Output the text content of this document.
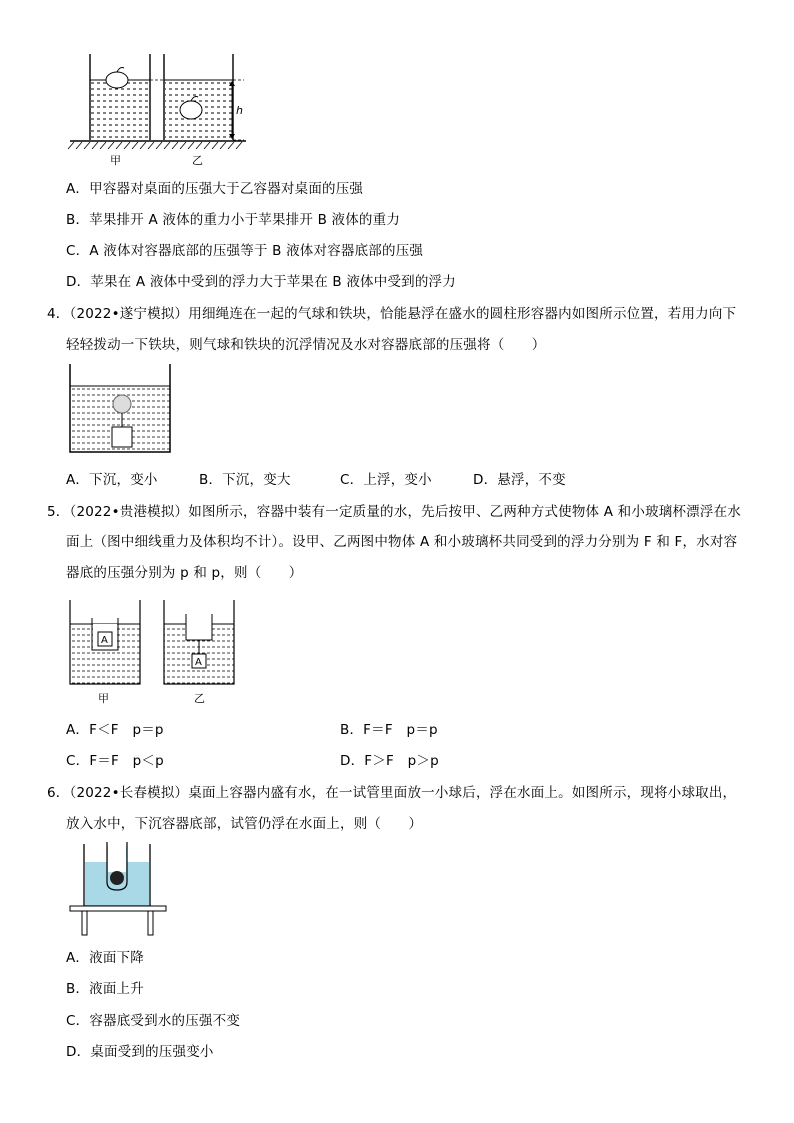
h
甲	乙
A．甲容器对桌面的压强大于乙容器对桌面的压强
B．苹果排开 A 液体的重力小于苹果排开 B 液体的重力
C．A 液体对容器底部的压强等于 B 液体对容器底部的压强
D．苹果在 A 液体中受到的浮力大于苹果在 B 液体中受到的浮力
4．（2022•遂宁模拟）用细绳连在一起的气球和铁块，恰能悬浮在盛水的圆柱形容器内如图所示位置，若用力向下
轻轻拨动一下铁块，则气球和铁块的沉浮情况及水对容器底部的压强将（　　）
A．下沉，变小	B．下沉，变大	C．上浮，变小	D．悬浮，不变
5．（2022•贵港模拟）如图所示，容器中装有一定质量的水，先后按甲、乙两种方式使物体 A 和小玻璃杯漂浮在水
面上（图中细线重力及体积均不计）。设甲、乙两图中物体 A 和小玻璃杯共同受到的浮力分别为 F 和 F，水对容
器底的压强分别为 p 和 p，则（　　）
A
A
甲	乙
A．F＜F　p＝p	B．F＝F　p＝p
C．F＝F　p＜p	D．F＞F　p＞p
6．（2022•长春模拟）桌面上容器内盛有水，在一试管里面放一小球后，浮在水面上。如图所示，现将小球取出，
放入水中，下沉容器底部，试管仍浮在水面上，则（　　）
A．液面下降
B．液面上升
C．容器底受到水的压强不变
D．桌面受到的压强变小
